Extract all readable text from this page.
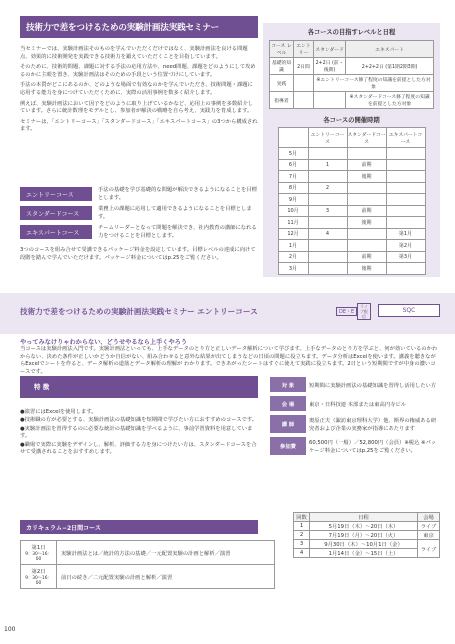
技術力で差をつけるための実験計画法実践セミナー

当セミナーでは、実験計画法そのものを学んでいただくだけではなく、実験計画法を良ける問題点、効果的に技術開発を実践できる技術力を鍛えていただくことを目指しています。

そのために、技術的問題、課題に対する手法の応用方法や、need問題、課題をどのようにして攻めるのかに主眼を置き、実験計画法はそのための手段という位置づけにしています。

手法の本質がどこにあるのか、どのような場面で有効なのかを学んでいただき、技術問題・課題に応用する能力を身につけていただくために、実際の活用事例を数多く紹介します。

例えば、実験計画法において因子をどのように取り上げているかなど、応用上の事例を多数紹介しています。さらに統計数理をモデルとし、参加者が解決の戦略を自ら考え、実践力を育成します。

セミナーは、「エントリーコース」「スタンダードコース」「エキスパートコース」の3つから構成されます。

エントリーコース
手法の基礎を学び基礎的な問題が解決できるようになることを目標とします。
スタンダードコース
業務上の課題に応用して適用できるようになることを目標とします。
エキスパートコース
チームリーダーとなって問題を解決でき、社内教育の講師になれる力をつけることを目標とします。

3つのコースを組み合せて受講できるパッケージ料金を設定しています。目標レベルの達成に向けて段階を踏んで学んでいただけます。パッケージ料金についてはp.25をご覧ください。

各コースの目指すレベルと日程
コース レベル	エントリー	スタンダード	エキスパート
基礎的知識	2日間	2+2日 (前・後期)	2+2+2日 (第1期2期3期)
実践		※エントリーコース修了程度の知識を前提とした方対象	
指導者			※スタンダードコース修了程度の知識を前提とした方対象
各コースの開催時期
	エントリーコース	スタンダードコース	エキスパートコース
5月			
6月	1	前期	
7月		後期	
8月	2		
9月			
10月	3	前期	
11月		後期	
12月	4		第1月
1月			第2月
2月		前期	第3月
3月		後期	
技術力で差をつけるための実験計画法実践セミナー エントリーコース	DE・E
ライブ配信
SQC
やってみなけりゃわからない、どうせやるなら上手くやろう

当コースは実験計画法入門です。実験計画法といっても、上手なデータのとり方と正しいデータ解析について学びます。上手なデータのとり方を学ぶと、何が効いているのかわからない、決めた条件が正しいかどうか自信がない、組み合わせると意外な結果が出てしまうなどの日頃の問題に役立ちます。データ分析はExcelを使います。講義を聴きながらExcelでシートを作ると、データ解析の道筋とデータ解析の理解が わかります。できあがったシートはすぐに使えて実践に役立ちます。2日という短期間ですが中身の濃いコースです。

特 徴

●演習にはExcelを使用します。

●技術職の方が必要とする、実験計画法の基礎知識を短期間で学びたい方におすすめのコースです。

●実験計画法を習得するのに必要な統計の基礎知識を学べるように、事前学習資料を用意しています。

●職場で実際に実験をデザインし、解析、評価する力を身につけたい方は、スタンダードコースを合せて受講されることをおすすめします。

対 象	短期間に実験計画法の基礎知識を習得し活用したい方
会 場	東京・日科技連 本部または東高円寺ビル
講 師	奥原正夫（諏訪東京理科大学）他、斯界の権威ある研究者および企業の実務家が指導にあたります
参加費	60,500円（一般）／52,800円（会員）※税込 ※パッケージ料金についてはp.25をご覧ください。
カリキュラム−2日間コース
第1日
9：30〜16：00	実験計画法とは／統計的方法の基礎／一元配置実験の計画と解析／演習

第2日
9：30〜16：00	前日の続き／二元配置実験の計画と解析／演習
回数	日程	会場
1	5月19日（木）〜20日（木）	ライブ
2	7月19日（月）〜20日（火）	東京
3	9月30日（木）〜10月1日（金）	ライブ
4	1月14日（金）〜15日（土）	
100
